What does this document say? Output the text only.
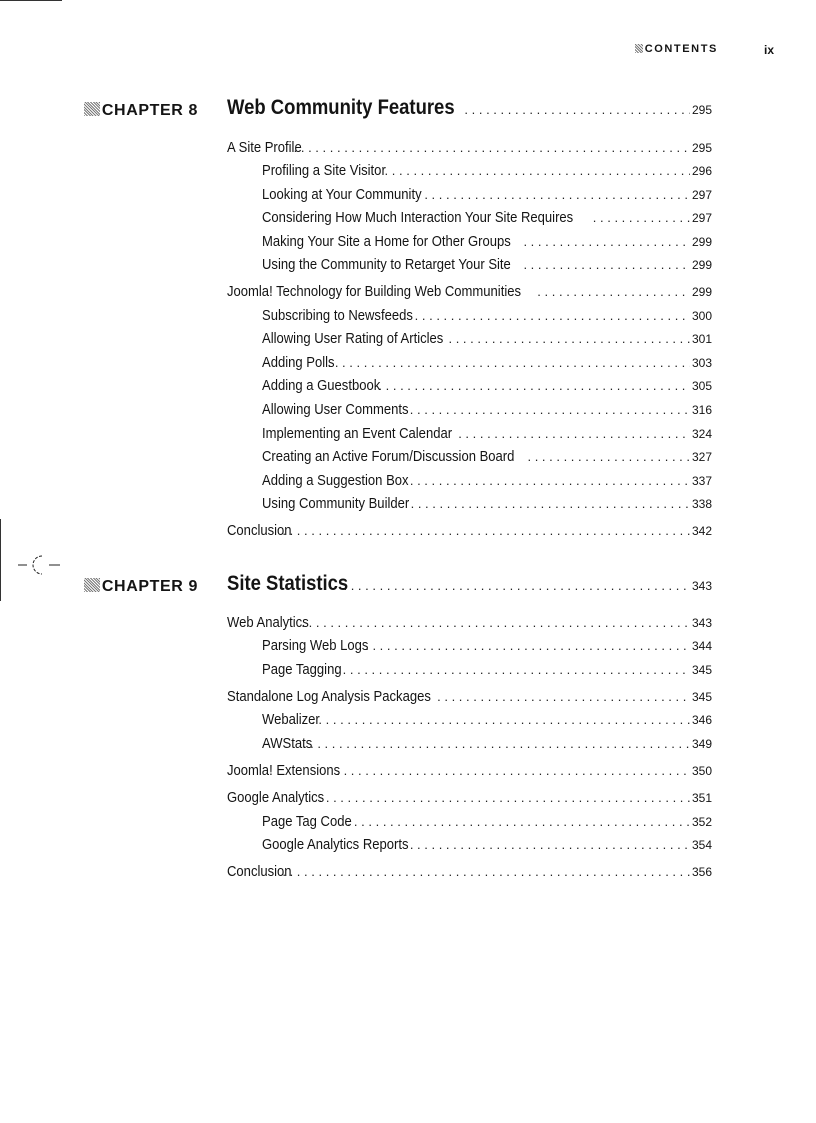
CONTENTS	ix
CHAPTER 8 Web Community Features . . .	295
A Site Profile . . .	295
Profiling a Site Visitor . . .	296
Looking at Your Community . . .	297
Considering How Much Interaction Your Site Requires . . .	297
Making Your Site a Home for Other Groups . . .	299
Using the Community to Retarget Your Site . . .	299
Joomla! Technology for Building Web Communities . . .	299
Subscribing to Newsfeeds . . .	300
Allowing User Rating of Articles . . .	301
Adding Polls . . .	303
Adding a Guestbook . . .	305
Allowing User Comments . . .	316
Implementing an Event Calendar . . .	324
Creating an Active Forum/Discussion Board . . .	327
Adding a Suggestion Box . . .	337
Using Community Builder . . .	338
Conclusion . . .	342
CHAPTER 9 Site Statistics . . .	343
Web Analytics . . .	343
Parsing Web Logs . . .	344
Page Tagging . . .	345
Standalone Log Analysis Packages . . .	345
Webalizer . . .	346
AWStats . . .	349
Joomla! Extensions . . .	350
Google Analytics . . .	351
Page Tag Code . . .	352
Google Analytics Reports . . .	354
Conclusion . . .	356
